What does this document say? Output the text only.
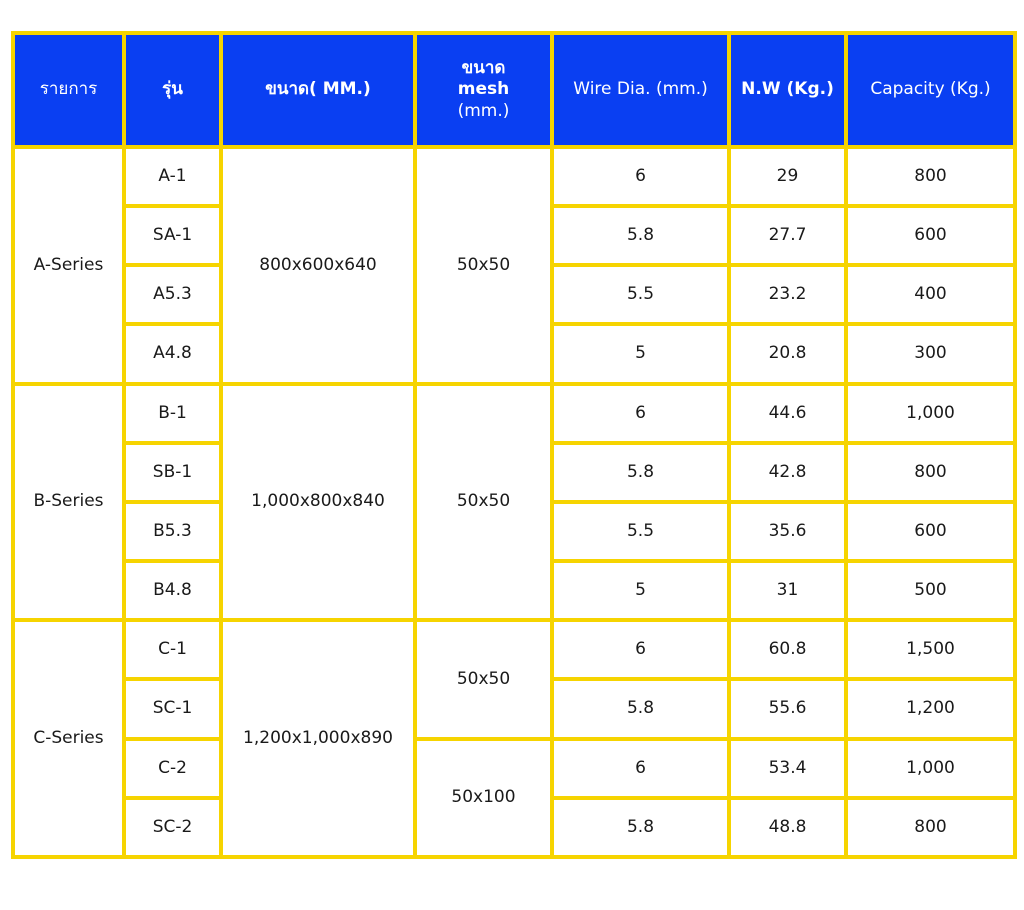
รายการ	รุ่น	ขนาด( MM.)	ขนาด
mesh
(mm.)	Wire Dia. (mm.)	N.W (Kg.)	Capacity (Kg.)
A-Series	A-1	800x600x640	50x50	6	29	800
	SA-1			5.8	27.7	600
	A5.3			5.5	23.2	400
	A4.8			5	20.8	300
B-Series	B-1	1,000x800x840	50x50	6	44.6	1,000
	SB-1			5.8	42.8	800
	B5.3			5.5	35.6	600
	B4.8			5	31	500
C-Series	C-1	1,200x1,000x890	50x50	6	60.8	1,500
	SC-1			5.8	55.6	1,200
	C-2		50x100	6	53.4	1,000
	SC-2			5.8	48.8	800
